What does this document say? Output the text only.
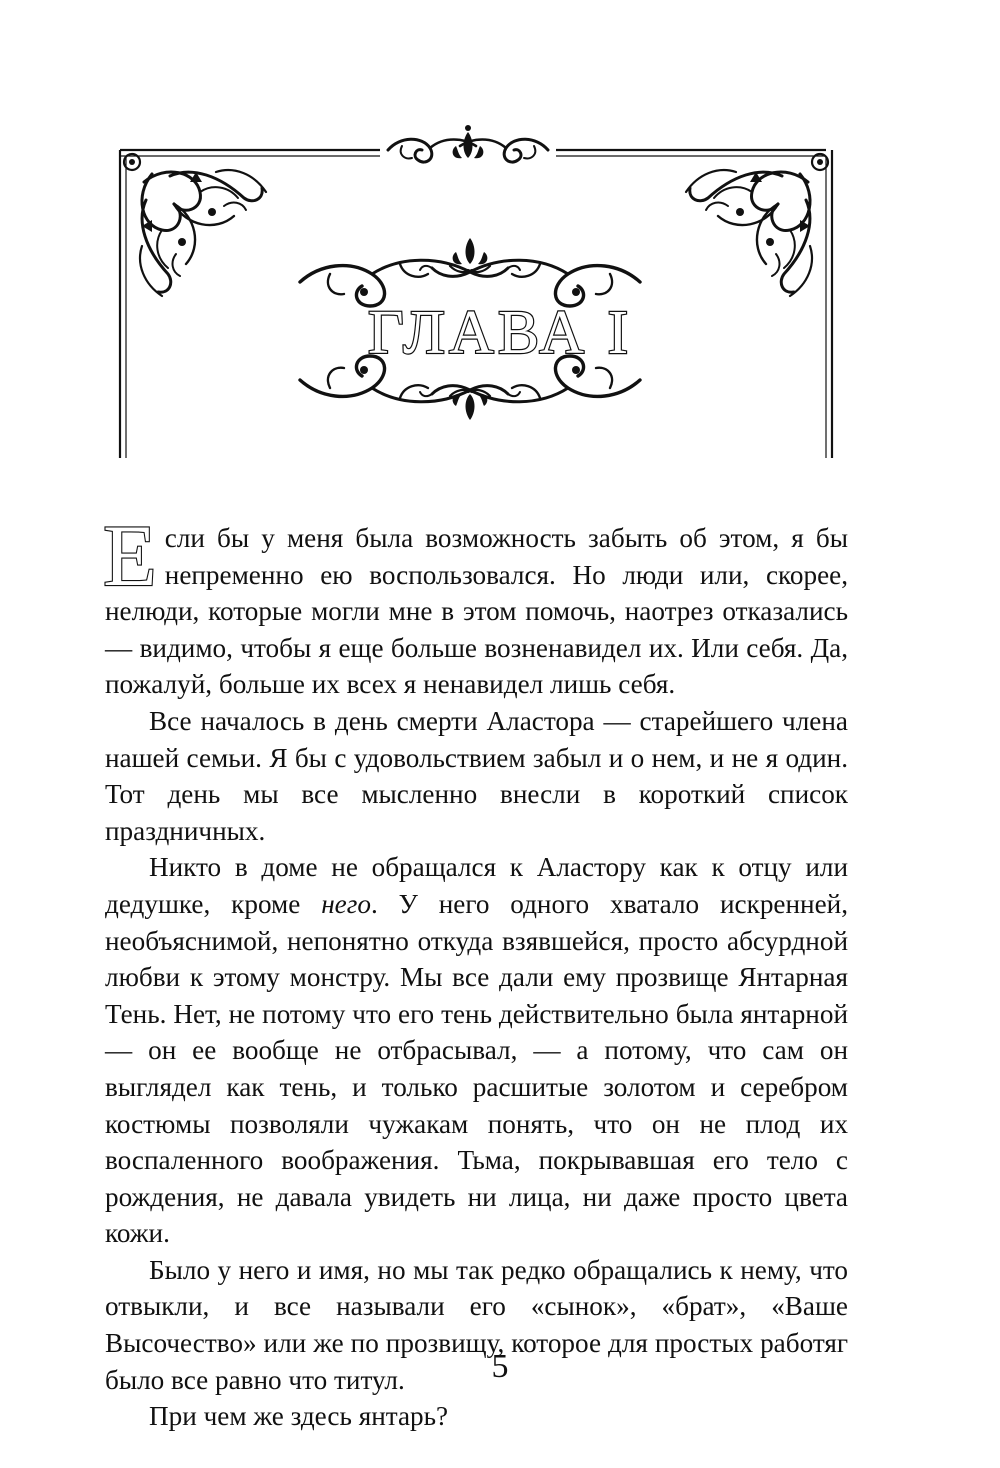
ГЛАВА I

Если бы у меня была возможность забыть об этом, я бы непременно ею воспользовался. Но люди или, скорее, нелюди, которые могли мне в этом помочь, наотрез отказались — видимо, чтобы я еще больше возненавидел их. Или себя. Да, пожалуй, больше их всех я ненавидел лишь себя.

Все началось в день смерти Аластора — старейшего члена нашей семьи. Я бы с удовольствием забыл и о нем, и не я один. Тот день мы все мысленно внесли в короткий список праздничных.

Никто в доме не обращался к Аластору как к отцу или дедушке, кроме него. У него одного хватало искренней, необъяснимой, непонятно откуда взявшейся, просто абсурдной любви к этому монстру. Мы все дали ему прозвище Янтарная Тень. Нет, не потому что его тень действительно была янтарной — он ее вообще не отбрасывал, — а потому, что сам он выглядел как тень, и только расшитые золотом и серебром костюмы позволяли чужакам понять, что он не плод их воспаленного воображения. Тьма, покрывавшая его тело с рождения, не давала увидеть ни лица, ни даже просто цвета кожи.

Было у него и имя, но мы так редко обращались к нему, что отвыкли, и все называли его «сынок», «брат», «Ваше Высочество» или же по прозвищу, которое для простых работяг было все равно что титул.

При чем же здесь янтарь?

5
